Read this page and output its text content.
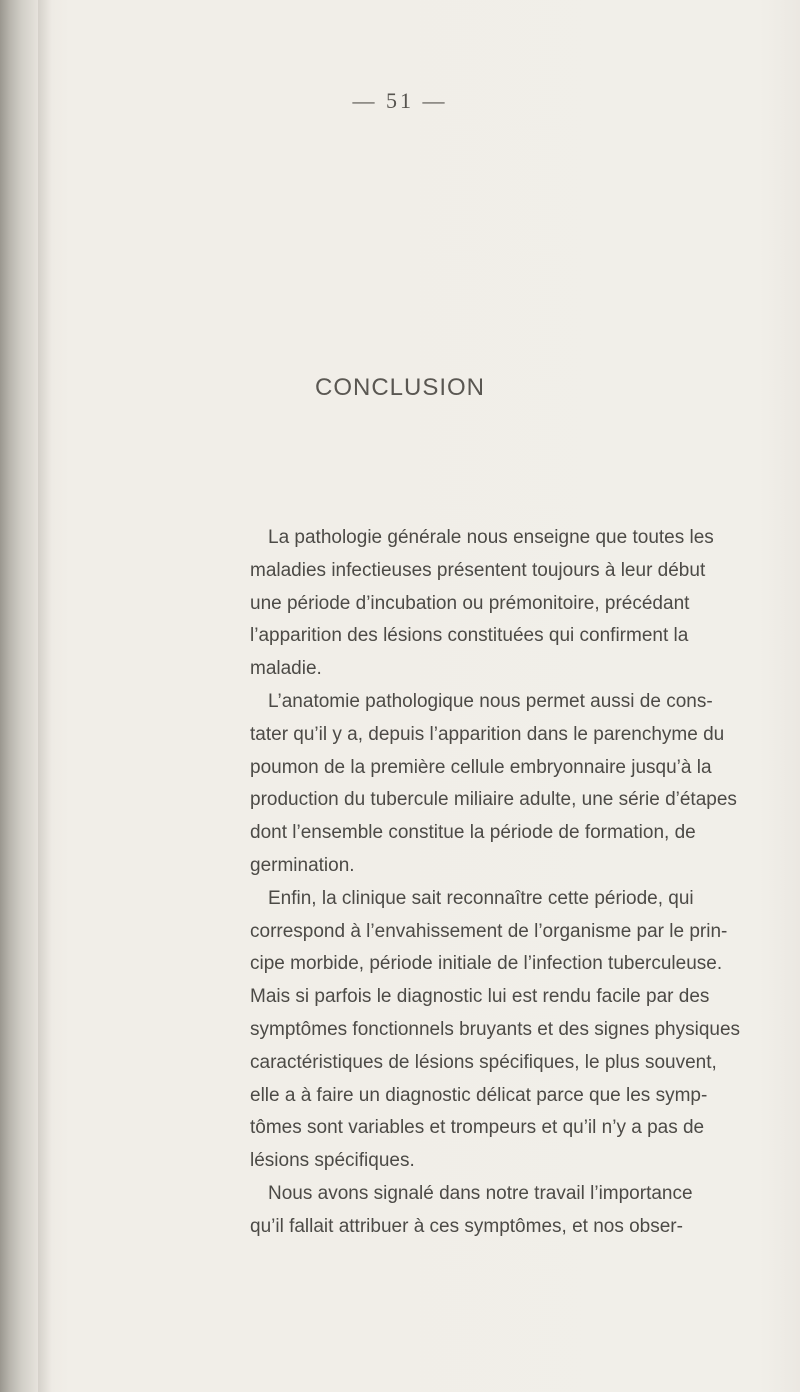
— 51 —
CONCLUSION
La pathologie générale nous enseigne que toutes les
maladies infectieuses présentent toujours à leur début
une période d’incubation ou prémonitoire, précédant
l’apparition des lésions constituées qui confirment la
maladie.
L’anatomie pathologique nous permet aussi de cons-
tater qu’il y a, depuis l’apparition dans le parenchyme du
poumon de la première cellule embryonnaire jusqu’à la
production du tubercule miliaire adulte, une série d’étapes
dont l’ensemble constitue la période de formation, de
germination.
Enfin, la clinique sait reconnaître cette période, qui
correspond à l’envahissement de l’organisme par le prin-
cipe morbide, période initiale de l’infection tuberculeuse.
Mais si parfois le diagnostic lui est rendu facile par des
symptômes fonctionnels bruyants et des signes physiques
caractéristiques de lésions spécifiques, le plus souvent,
elle a à faire un diagnostic délicat parce que les symp-
tômes sont variables et trompeurs et qu’il n’y a pas de
lésions spécifiques.
Nous avons signalé dans notre travail l’importance
qu’il fallait attribuer à ces symptômes, et nos obser-
